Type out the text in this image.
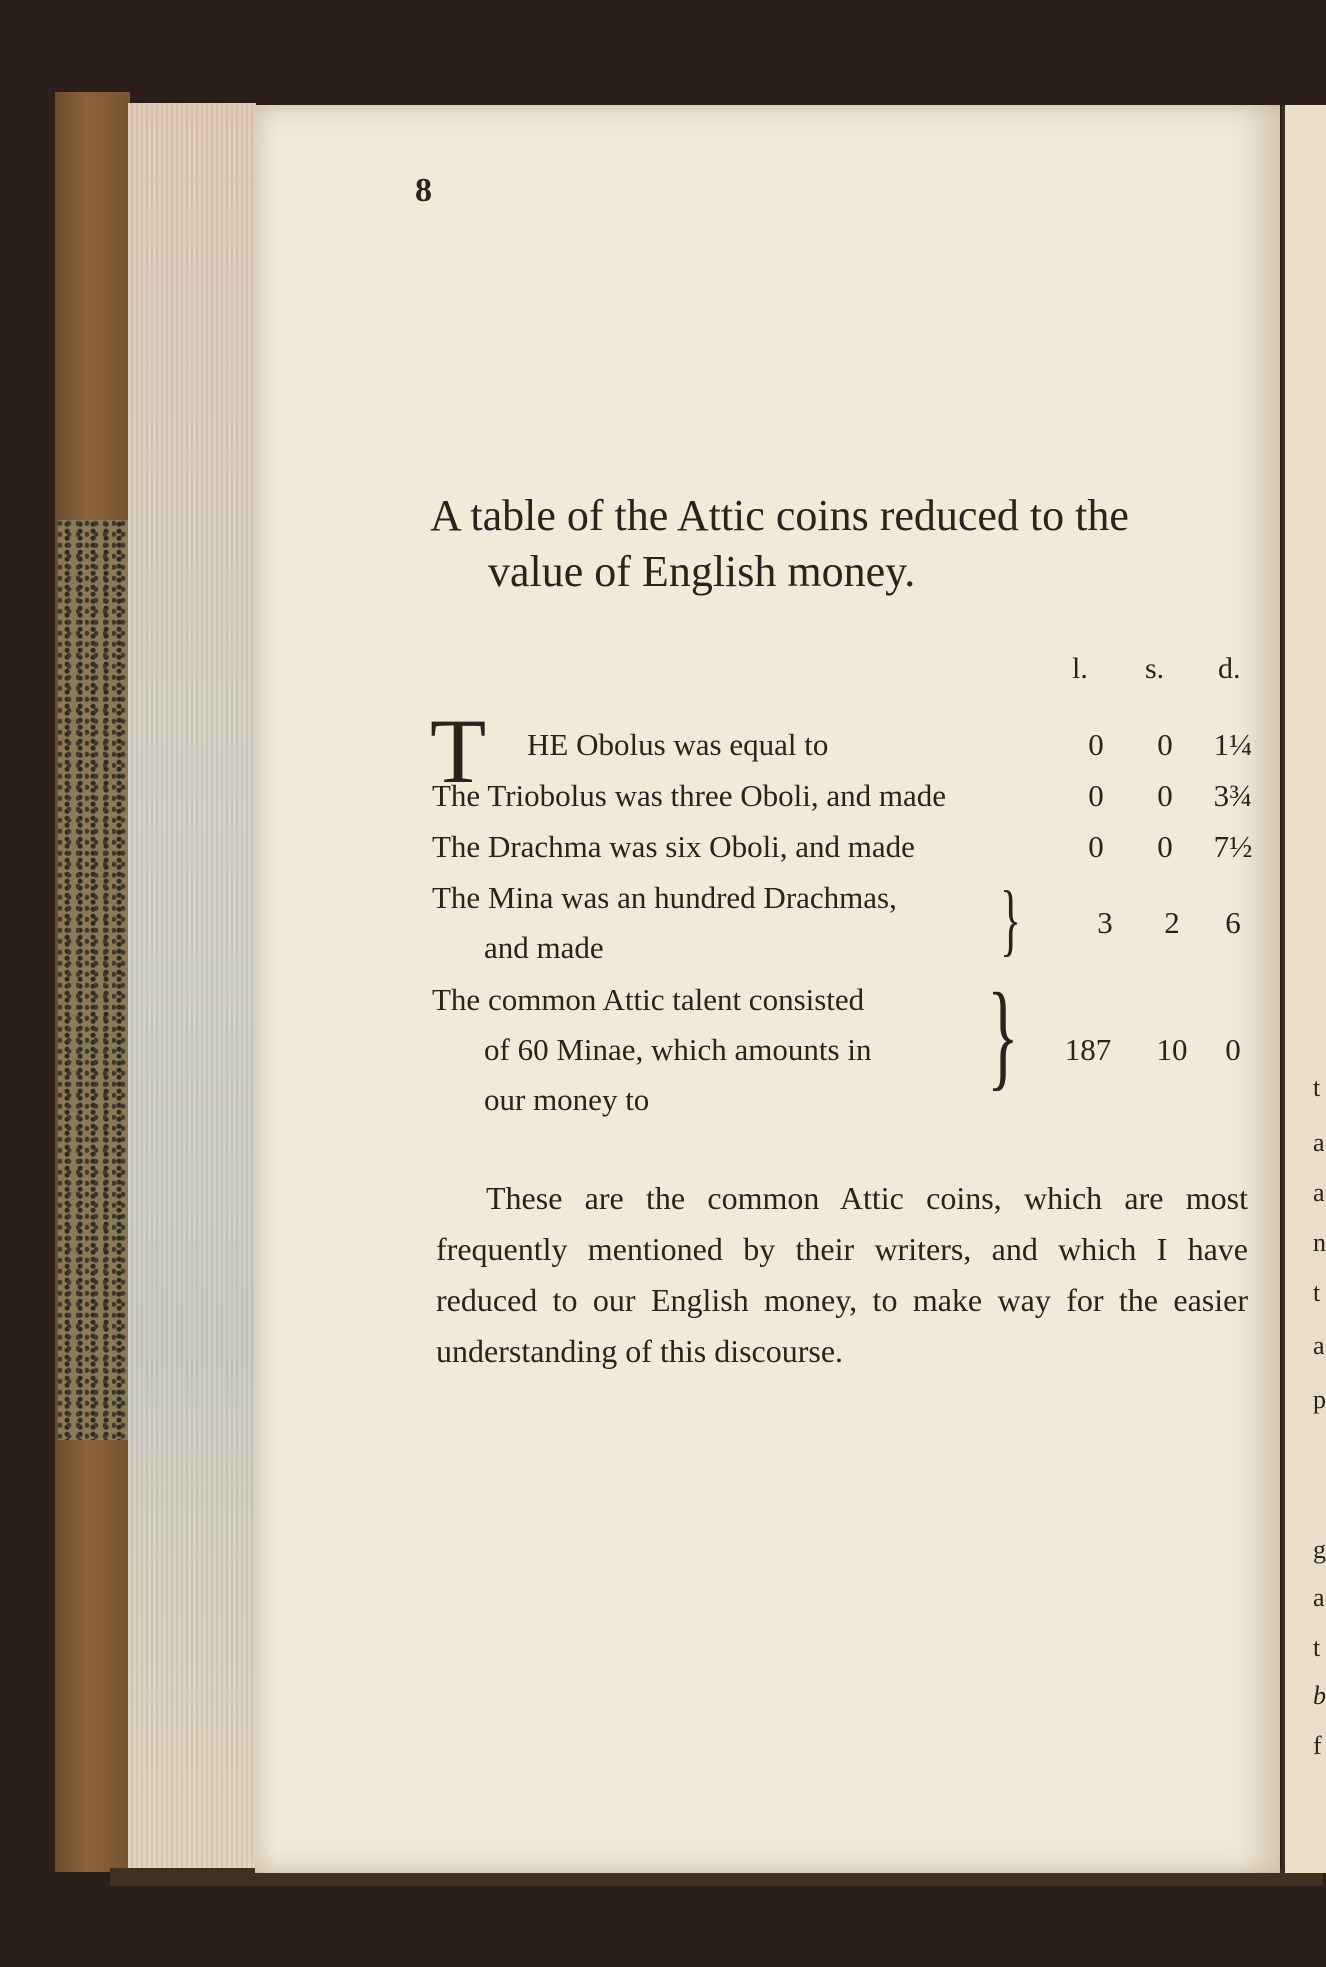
t
a
a
n
t
a
p
g
a
t
b
f
8
A table of the Attic coins reduced to the
value of English money.
l. s. d.
T HE Obolus was equal to	0	0	1¼
The Triobolus was three Oboli, and made	0	0	3¾
The Drachma was six Oboli, and made	0	0	7½
The Mina was an hundred Drachmas,
and made	}	3	2	6
The common Attic talent consisted
of 60 Minae, which amounts in
our money to	}	187	10	0
These are the common Attic coins, which are most frequently mentioned by their writers, and which I have reduced to our English money, to make way for the easier understanding of this discourse.
